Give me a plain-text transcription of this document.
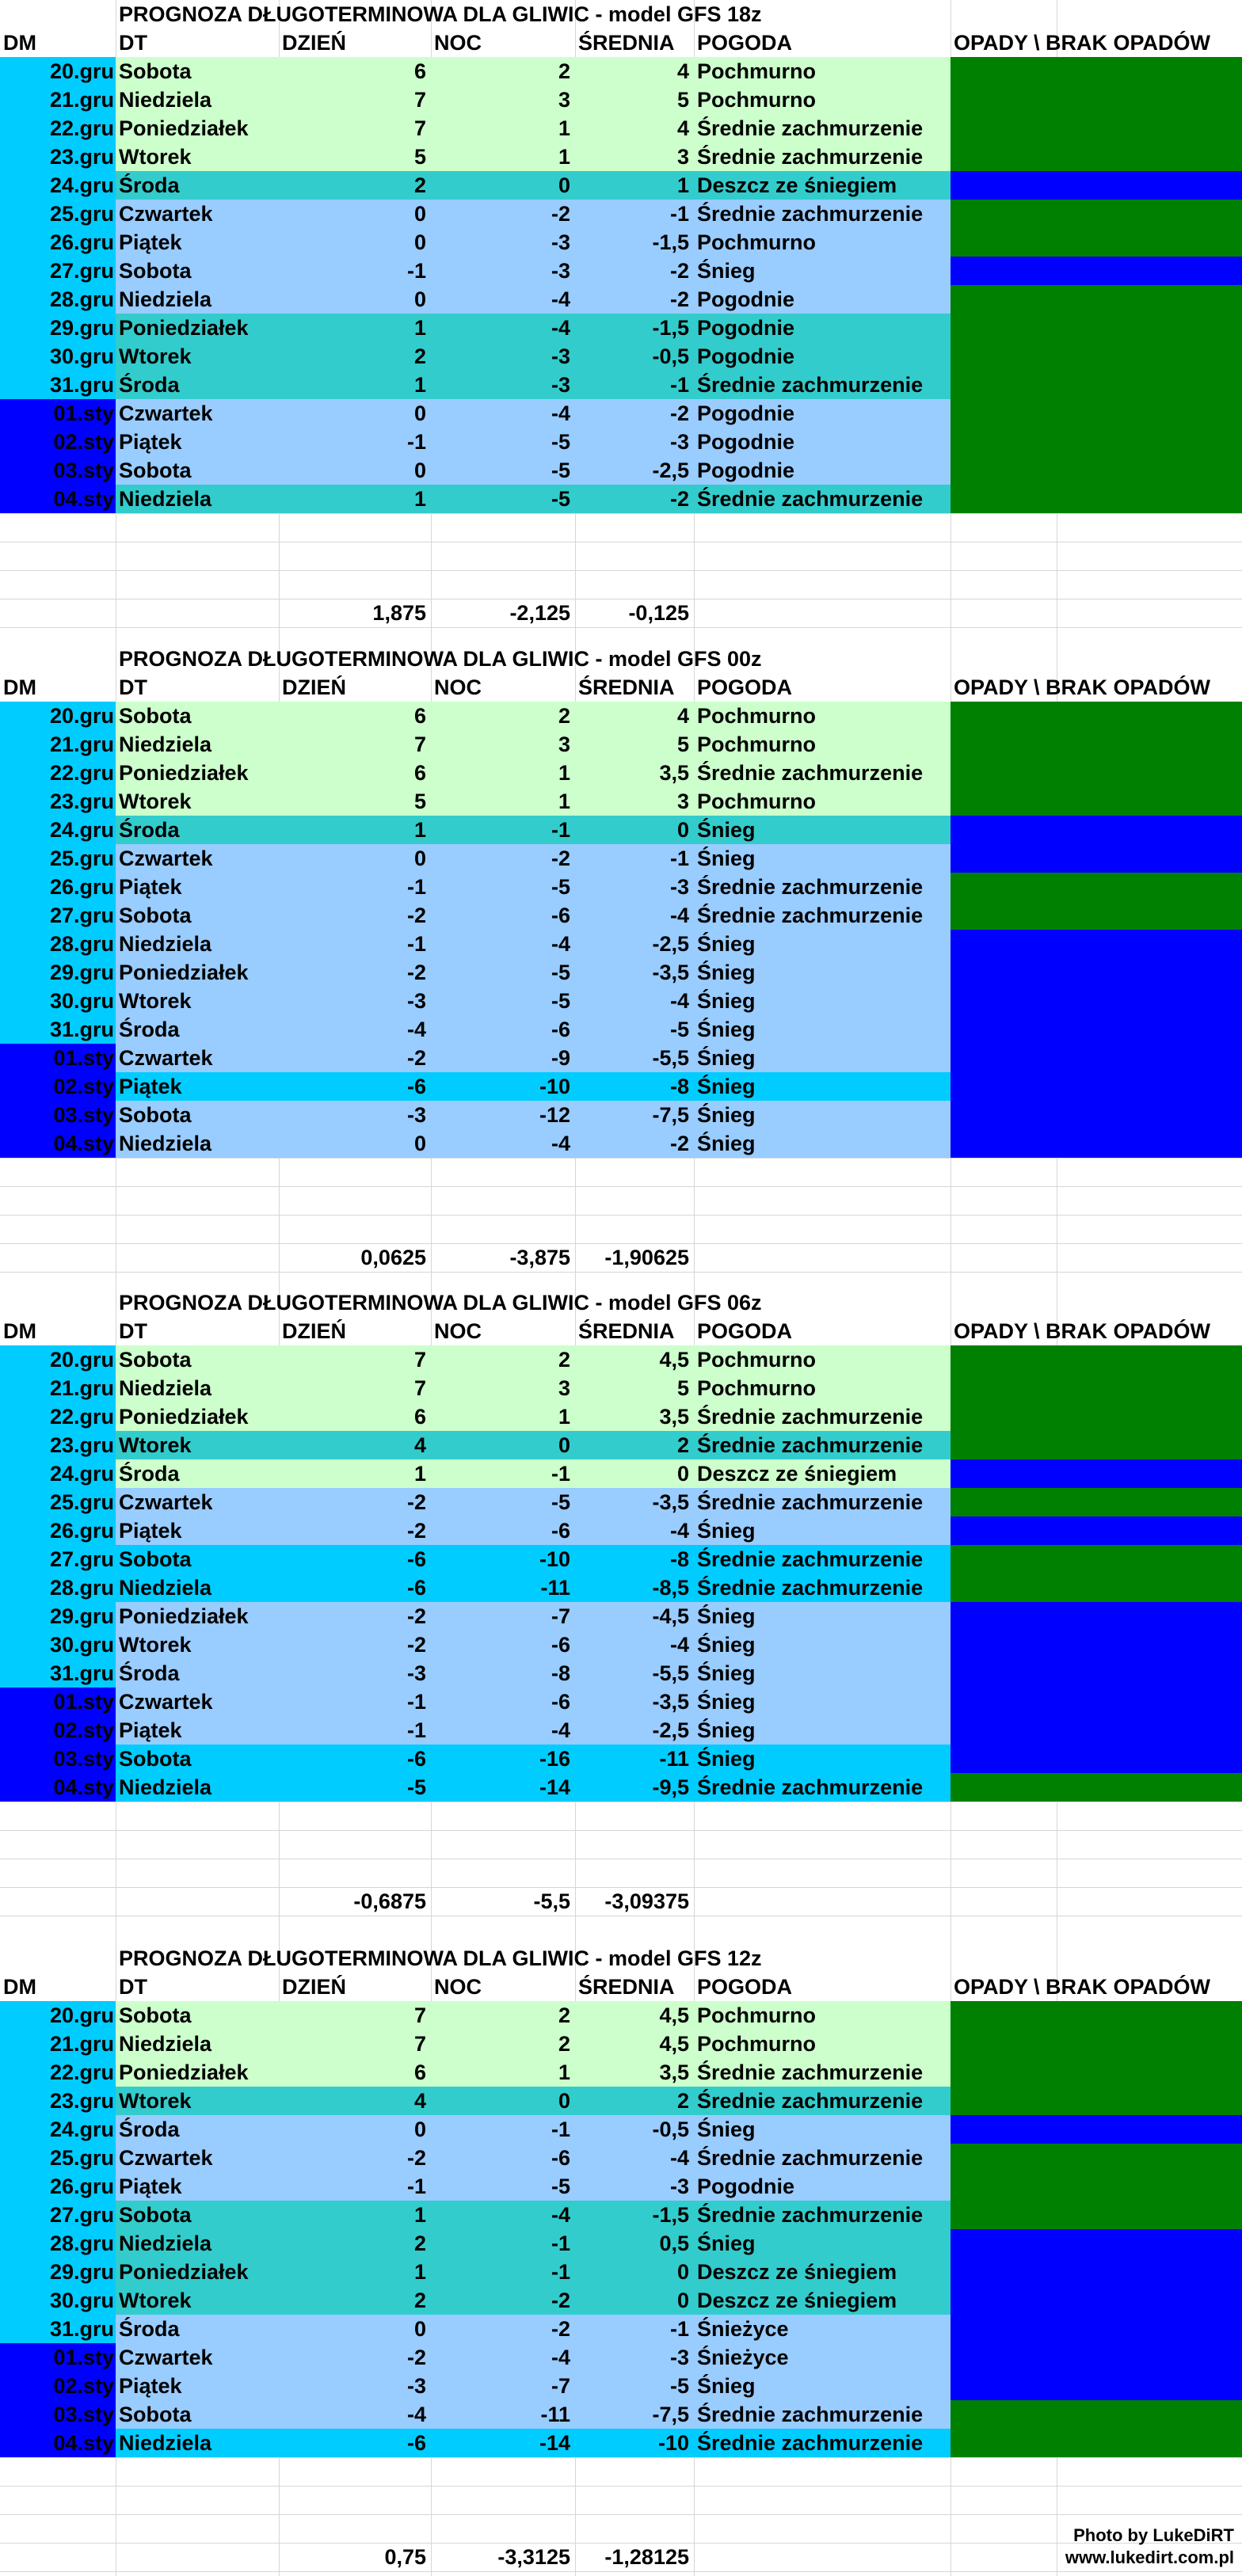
PROGNOZA DŁUGOTERMINOWA DLA GLIWIC - model GFS 18z
DM	DT	DZIEŃ	NOC	ŚREDNIA	POGODA	OPADY \ BRAK OPADÓW
20.gru Sobota	6	2	4 Pochmurno
21.gru Niedziela	7	3	5 Pochmurno
22.gru Poniedziałek	7	1	4 Średnie zachmurzenie
23.gru Wtorek	5	1	3 Średnie zachmurzenie
24.gru Środa	2	0	1 Deszcz ze śniegiem
25.gru Czwartek	0	-2	-1 Średnie zachmurzenie
26.gru Piątek	0	-3	-1,5 Pochmurno
27.gru Sobota	-1	-3	-2 Śnieg
28.gru Niedziela	0	-4	-2 Pogodnie
29.gru Poniedziałek	1	-4	-1,5 Pogodnie
30.gru Wtorek	2	-3	-0,5 Pogodnie
31.gru Środa	1	-3	-1 Średnie zachmurzenie
01.sty Czwartek	0	-4	-2 Pogodnie
02.sty Piątek	-1	-5	-3 Pogodnie
03.sty Sobota	0	-5	-2,5 Pogodnie
04.sty Niedziela	1	-5	-2 Średnie zachmurzenie
1,875	-2,125	-0,125
PROGNOZA DŁUGOTERMINOWA DLA GLIWIC - model GFS 00z
DM	DT	DZIEŃ	NOC	ŚREDNIA	POGODA	OPADY \ BRAK OPADÓW
20.gru Sobota	6	2	4 Pochmurno
21.gru Niedziela	7	3	5 Pochmurno
22.gru Poniedziałek	6	1	3,5 Średnie zachmurzenie
23.gru Wtorek	5	1	3 Pochmurno
24.gru Środa	1	-1	0 Śnieg
25.gru Czwartek	0	-2	-1 Śnieg
26.gru Piątek	-1	-5	-3 Średnie zachmurzenie
27.gru Sobota	-2	-6	-4 Średnie zachmurzenie
28.gru Niedziela	-1	-4	-2,5 Śnieg
29.gru Poniedziałek	-2	-5	-3,5 Śnieg
30.gru Wtorek	-3	-5	-4 Śnieg
31.gru Środa	-4	-6	-5 Śnieg
01.sty Czwartek	-2	-9	-5,5 Śnieg
02.sty Piątek	-6	-10	-8 Śnieg
03.sty Sobota	-3	-12	-7,5 Śnieg
04.sty Niedziela	0	-4	-2 Śnieg
0,0625	-3,875	-1,90625
PROGNOZA DŁUGOTERMINOWA DLA GLIWIC - model GFS 06z
DM	DT	DZIEŃ	NOC	ŚREDNIA	POGODA	OPADY \ BRAK OPADÓW
20.gru Sobota	7	2	4,5 Pochmurno
21.gru Niedziela	7	3	5 Pochmurno
22.gru Poniedziałek	6	1	3,5 Średnie zachmurzenie
23.gru Wtorek	4	0	2 Średnie zachmurzenie
24.gru Środa	1	-1	0 Deszcz ze śniegiem
25.gru Czwartek	-2	-5	-3,5 Średnie zachmurzenie
26.gru Piątek	-2	-6	-4 Śnieg
27.gru Sobota	-6	-10	-8 Średnie zachmurzenie
28.gru Niedziela	-6	-11	-8,5 Średnie zachmurzenie
29.gru Poniedziałek	-2	-7	-4,5 Śnieg
30.gru Wtorek	-2	-6	-4 Śnieg
31.gru Środa	-3	-8	-5,5 Śnieg
01.sty Czwartek	-1	-6	-3,5 Śnieg
02.sty Piątek	-1	-4	-2,5 Śnieg
03.sty Sobota	-6	-16	-11 Śnieg
04.sty Niedziela	-5	-14	-9,5 Średnie zachmurzenie
-0,6875	-5,5	-3,09375
PROGNOZA DŁUGOTERMINOWA DLA GLIWIC - model GFS 12z
DM	DT	DZIEŃ	NOC	ŚREDNIA	POGODA	OPADY \ BRAK OPADÓW
20.gru Sobota	7	2	4,5 Pochmurno
21.gru Niedziela	7	2	4,5 Pochmurno
22.gru Poniedziałek	6	1	3,5 Średnie zachmurzenie
23.gru Wtorek	4	0	2 Średnie zachmurzenie
24.gru Środa	0	-1	-0,5 Śnieg
25.gru Czwartek	-2	-6	-4 Średnie zachmurzenie
26.gru Piątek	-1	-5	-3 Pogodnie
27.gru Sobota	1	-4	-1,5 Średnie zachmurzenie
28.gru Niedziela	2	-1	0,5 Śnieg
29.gru Poniedziałek	1	-1	0 Deszcz ze śniegiem
30.gru Wtorek	2	-2	0 Deszcz ze śniegiem
31.gru Środa	0	-2	-1 Śnieżyce
01.sty Czwartek	-2	-4	-3 Śnieżyce
02.sty Piątek	-3	-7	-5 Śnieg
03.sty Sobota	-4	-11	-7,5 Średnie zachmurzenie
04.sty Niedziela	-6	-14	-10 Średnie zachmurzenie
0,75	-3,3125	-1,28125
Photo by LukeDiRT
www.lukedirt.com.pl
